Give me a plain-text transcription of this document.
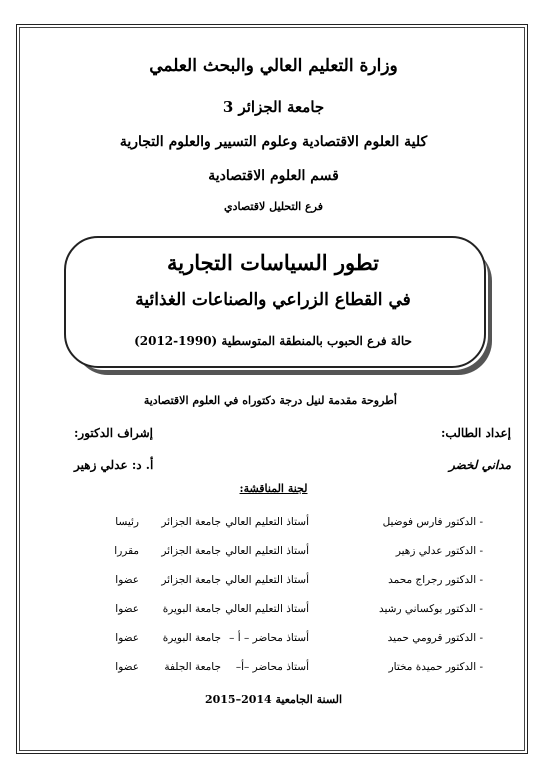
وزارة التعليم العالي والبحث العلمي
جامعة الجزائر 3
كلية العلوم الاقتصادية وعلوم التسيير والعلوم التجارية
قسم العلوم الاقتصادية
فرع التحليل لاقتصادي
تطور السياسات التجارية
في القطاع الزراعي والصناعات الغذائية
حالة فرع الحبوب بالمنطقة المتوسطية (1990-2012)
أطروحة مقدمة لنيل درجة دكتوراه في العلوم الاقتصادية
إعداد الطالب:
إشراف الدكتور:
مداني لخضر
أ. د: عدلي زهير
لجنة المناقشة:
- الدكتور فارس فوضيل
أستاذ التعليم العالي
جامعة الجزائر
رئيسا
- الدكتور عدلي زهير
أستاذ التعليم العالي
جامعة الجزائر
مقررا
- الدكتور رجراج محمد
أستاذ التعليم العالي
جامعة الجزائر
عضوا
- الدكتور بوكساني رشيد
أستاذ التعليم العالي
جامعة البويرة
عضوا
- الدكتور قرومي حميد
أستاذ محاضر – أ –
جامعة البويرة
عضوا
- الدكتور حميدة مختار
أستاذ محاضر –أ–
جامعة الجلفة
عضوا
السنة الجامعية 2014–2015
